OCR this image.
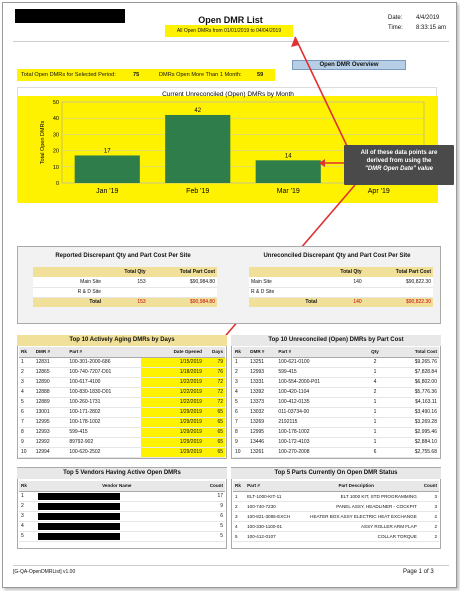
Open DMR List
All Open DMRs from 01/01/2019 to 04/04/2019
Date: 4/4/2019
Time: 8:33:15 am
Open DMR Overview
Total Open DMRs for Selected Period:	75	DMRs Open More Than 1 Month:	59
Current Unreconciled (Open) DMRs by Month
0
10
20
30
40
50
Total Open DMRs	17
Jan '19
42
Feb '19
14
Mar '19	Apr '19
All of these data points are
derived from using the
"DMR Open Date" value
Reported Discrepant Qty and Part Cost Per Site
	Total Qty	Total Part Cost
Main Site	153	$90,984.80
R & D Site		
Total	153	$90,984.80
Unreconciled Discrepant Qty and Part Cost Per Site
	Total Qty	Total Part Cost
Main Site	140	$90,822.30
R & D Site		
Total	140	$90,822.30
Top 10 Actively Aging DMRs by Days
Rk	DMR #	Part #	Date Opened	Days
1	12831	100-301-2000-686	1/15/2019	79
2	12865	100-740-7207-D01	1/18/2019	76
3	12890	100-617-4100	1/22/2019	72
4	12888	100-830-1830-D01	1/22/2019	72
5	12889	100-260-1731	1/22/2019	72
6	13001	100-171-2802	1/29/2019	65
7	12995	100-178-1002	1/29/2019	65
8	12993	599-415	1/29/2019	65
9	12992	89792-902	1/29/2019	65
10	12994	100-620-2502	1/29/2019	65
Top 10 Unreconciled (Open) DMRs by Part Cost
Rk	DMR #	Part #	Qty	Total Cost
1	13251	100-621-0100	2	$9,265.76
2	12993	599-415	1	$7,828.84
3	13331	100-554-2000-P01	4	$6,802.00
4	13392	100-420-1104	2	$5,776.36
5	13373	100-412-0135	1	$4,163.11
6	13032	011-03734-00	1	$3,490.16
7	13269	2192115	1	$3,269.28
8	12995	100-178-1002	1	$2,995.46
9	13446	100-172-4103	1	$2,884.10
10	13261	100-270-2008	6	$2,755.68
Top 5 Vendors Having Active Open DMRs
Rk	Vendor Name	Count
1		17
2		9
3		6
4		5
5		5
Top 5 Parts Currently On Open DMR Status
Rk	Part #	Part Description	Count
1	ELT-1000-KIT-11	ELT 1000 KIT, STD PROGRAMMING	3
2	100-740-7230	PANEL ASSY, HEADLINER - COCKPIT	3
3	100-821-3085-EXCH	HEATER BOX ASSY ELECTRIC HEAT EXCHANGE	2
4	100-330-1100-01	ASSY ROLLER ARM FLAP	2
5	100-412-0107	COLLAR TORQUE	2
[G-QA-OpenDMRList] v1.00	Page 1 of 3
